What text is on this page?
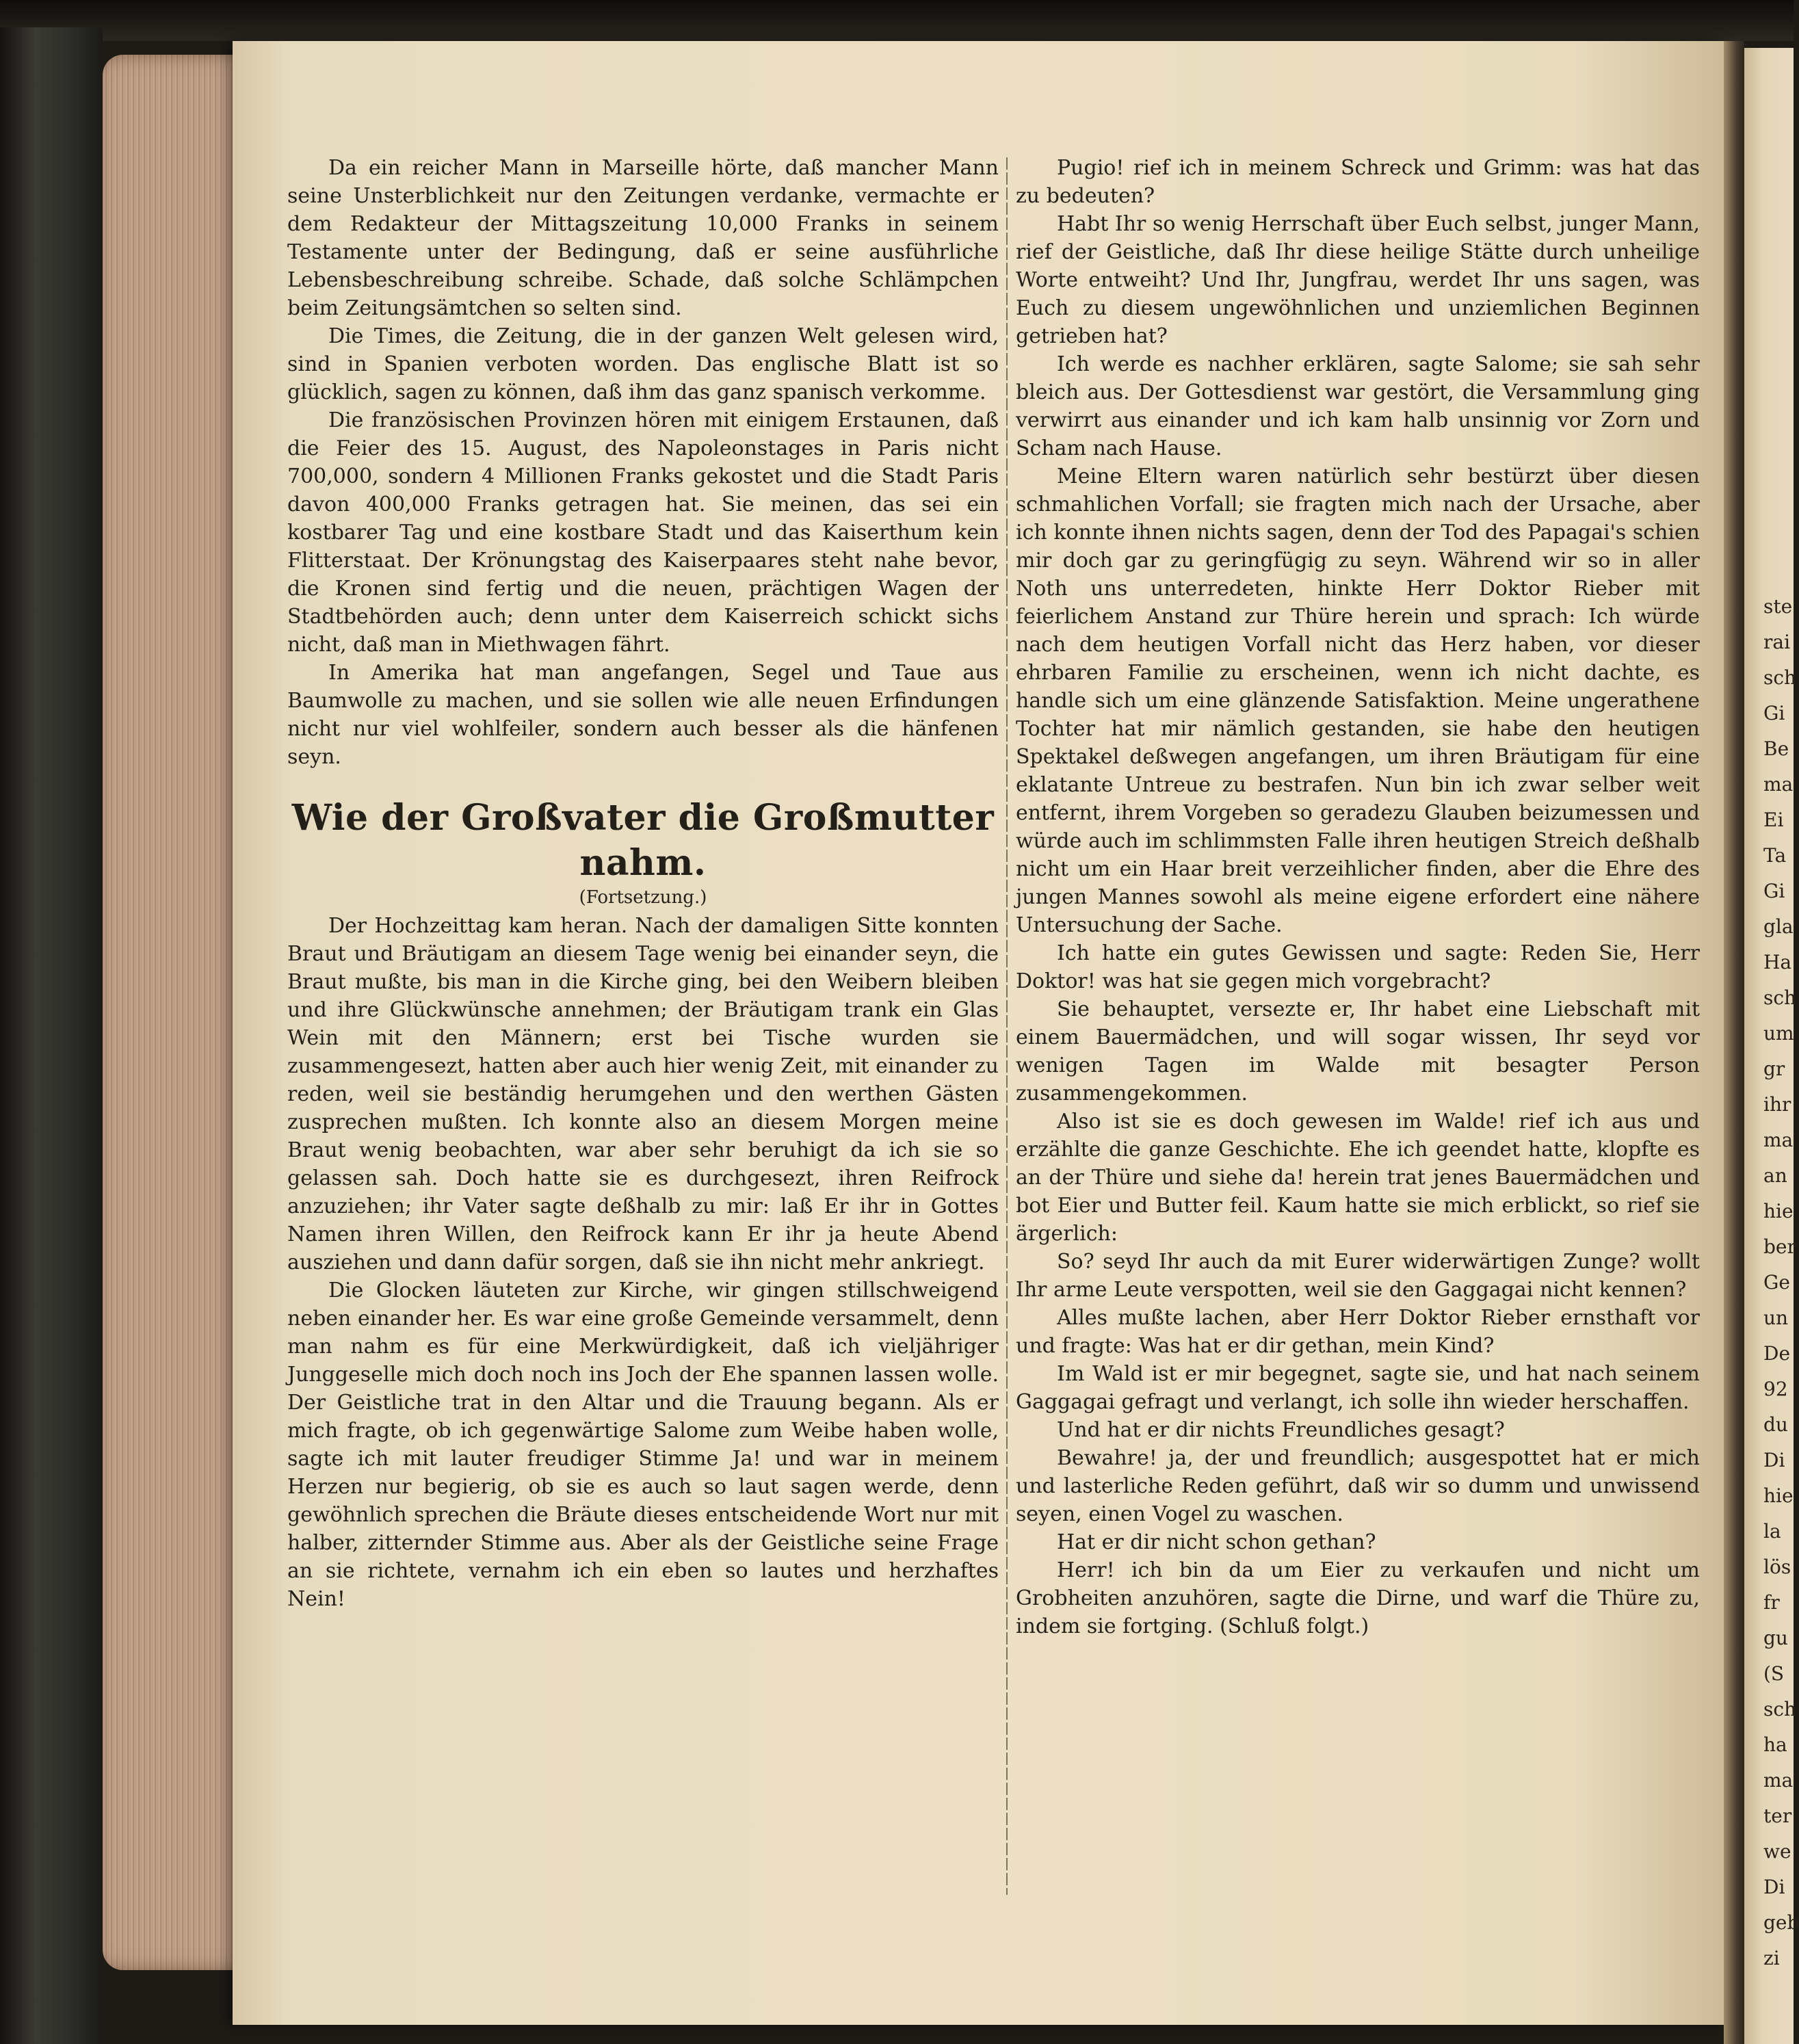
ste
rai
sch
Gi
Be
ma
Ei
Ta
Gi
gla
Ha
sch
um
gr
ihr
ma
an
hie
ber
Ge
un
De
92
du
Di
hie
la
lös
fr
gu
(S
sch
ha
ma
ter
we
Di
geb
zi

Da ein reicher Mann in Marseille hörte, daß mancher Mann seine Unsterblichkeit nur den Zeitungen verdanke, vermachte er dem Redakteur der Mittagszeitung 10,000 Franks in seinem Testamente unter der Bedingung, daß er seine ausführliche Lebensbeschreibung schreibe. Schade, daß solche Schlämpchen beim Zeitungsämtchen so selten sind.

Die Times, die Zeitung, die in der ganzen Welt gelesen wird, sind in Spanien verboten worden. Das englische Blatt ist so glücklich, sagen zu können, daß ihm das ganz spanisch verkomme.

Die französischen Provinzen hören mit einigem Erstaunen, daß die Feier des 15. August, des Napoleonstages in Paris nicht 700,000, sondern 4 Millionen Franks gekostet und die Stadt Paris davon 400,000 Franks getragen hat. Sie meinen, das sei ein kostbarer Tag und eine kostbare Stadt und das Kaiserthum kein Flitterstaat. Der Krönungstag des Kaiserpaares steht nahe bevor, die Kronen sind fertig und die neuen, prächtigen Wagen der Stadtbehörden auch; denn unter dem Kaiserreich schickt sichs nicht, daß man in Miethwagen fährt.

In Amerika hat man angefangen, Segel und Taue aus Baumwolle zu machen, und sie sollen wie alle neuen Erfindungen nicht nur viel wohlfeiler, sondern auch besser als die hänfenen seyn.

Wie der Großvater die Großmutter nahm.
(Fortsetzung.)

Der Hochzeittag kam heran. Nach der damaligen Sitte konnten Braut und Bräutigam an diesem Tage wenig bei einander seyn, die Braut mußte, bis man in die Kirche ging, bei den Weibern bleiben und ihre Glückwünsche annehmen; der Bräutigam trank ein Glas Wein mit den Männern; erst bei Tische wurden sie zusammengesezt, hatten aber auch hier wenig Zeit, mit einander zu reden, weil sie beständig herumgehen und den werthen Gästen zusprechen mußten. Ich konnte also an diesem Morgen meine Braut wenig beobachten, war aber sehr beruhigt da ich sie so gelassen sah. Doch hatte sie es durchgesezt, ihren Reifrock anzuziehen; ihr Vater sagte deßhalb zu mir: laß Er ihr in Gottes Namen ihren Willen, den Reifrock kann Er ihr ja heute Abend ausziehen und dann dafür sorgen, daß sie ihn nicht mehr ankriegt.

Die Glocken läuteten zur Kirche, wir gingen stillschweigend neben einander her. Es war eine große Gemeinde versammelt, denn man nahm es für eine Merkwürdigkeit, daß ich vieljähriger Junggeselle mich doch noch ins Joch der Ehe spannen lassen wolle. Der Geistliche trat in den Altar und die Trauung begann. Als er mich fragte, ob ich gegenwärtige Salome zum Weibe haben wolle, sagte ich mit lauter freudiger Stimme Ja! und war in meinem Herzen nur begierig, ob sie es auch so laut sagen werde, denn gewöhnlich sprechen die Bräute dieses entscheidende Wort nur mit halber, zitternder Stimme aus. Aber als der Geistliche seine Frage an sie richtete, vernahm ich ein eben so lautes und herzhaftes Nein!

Pugio! rief ich in meinem Schreck und Grimm: was hat das zu bedeuten?

Habt Ihr so wenig Herrschaft über Euch selbst, junger Mann, rief der Geistliche, daß Ihr diese heilige Stätte durch unheilige Worte entweiht? Und Ihr, Jungfrau, werdet Ihr uns sagen, was Euch zu diesem ungewöhnlichen und unziemlichen Beginnen getrieben hat?

Ich werde es nachher erklären, sagte Salome; sie sah sehr bleich aus. Der Gottesdienst war gestört, die Versammlung ging verwirrt aus einander und ich kam halb unsinnig vor Zorn und Scham nach Hause.

Meine Eltern waren natürlich sehr bestürzt über diesen schmahlichen Vorfall; sie fragten mich nach der Ursache, aber ich konnte ihnen nichts sagen, denn der Tod des Papagai's schien mir doch gar zu geringfügig zu seyn. Während wir so in aller Noth uns unterredeten, hinkte Herr Doktor Rieber mit feierlichem Anstand zur Thüre herein und sprach: Ich würde nach dem heutigen Vorfall nicht das Herz haben, vor dieser ehrbaren Familie zu erscheinen, wenn ich nicht dachte, es handle sich um eine glänzende Satisfaktion. Meine ungerathene Tochter hat mir nämlich gestanden, sie habe den heutigen Spektakel deßwegen angefangen, um ihren Bräutigam für eine eklatante Untreue zu bestrafen. Nun bin ich zwar selber weit entfernt, ihrem Vorgeben so geradezu Glauben beizumessen und würde auch im schlimmsten Falle ihren heutigen Streich deßhalb nicht um ein Haar breit verzeihlicher finden, aber die Ehre des jungen Mannes sowohl als meine eigene erfordert eine nähere Untersuchung der Sache.

Ich hatte ein gutes Gewissen und sagte: Reden Sie, Herr Doktor! was hat sie gegen mich vorgebracht?

Sie behauptet, versezte er, Ihr habet eine Liebschaft mit einem Bauermädchen, und will sogar wissen, Ihr seyd vor wenigen Tagen im Walde mit besagter Person zusammengekommen.

Also ist sie es doch gewesen im Walde! rief ich aus und erzählte die ganze Geschichte. Ehe ich geendet hatte, klopfte es an der Thüre und siehe da! herein trat jenes Bauermädchen und bot Eier und Butter feil. Kaum hatte sie mich erblickt, so rief sie ärgerlich:

So? seyd Ihr auch da mit Eurer widerwärtigen Zunge? wollt Ihr arme Leute verspotten, weil sie den Gaggagai nicht kennen?

Alles mußte lachen, aber Herr Doktor Rieber ernsthaft vor und fragte: Was hat er dir gethan, mein Kind?

Im Wald ist er mir begegnet, sagte sie, und hat nach seinem Gaggagai gefragt und verlangt, ich solle ihn wieder herschaffen.

Und hat er dir nichts Freundliches gesagt?

Bewahre! ja, der und freundlich; ausgespottet hat er mich und lasterliche Reden geführt, daß wir so dumm und unwissend seyen, einen Vogel zu waschen.

Hat er dir nicht schon gethan?

Herr! ich bin da um Eier zu verkaufen und nicht um Grobheiten anzuhören, sagte die Dirne, und warf die Thüre zu, indem sie fortging. (Schluß folgt.)
